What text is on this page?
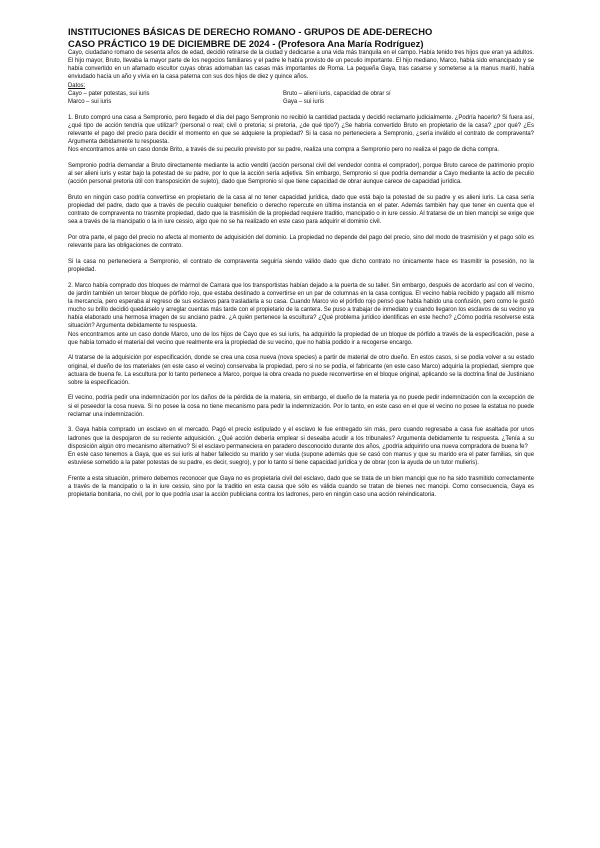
INSTITUCIONES BÁSICAS DE DERECHO ROMANO - GRUPOS DE ADE-DERECHO
CASO PRÁCTICO 19 DE DICIEMBRE DE 2024 - (Profesora Ana María Rodríguez)

Cayo, ciudadano romano de sesenta años de edad, decidió retirarse de la ciudad y dedicarse a una vida más tranquila en el campo. Había tenido tres hijos que eran ya adultos. El hijo mayor, Bruto, llevaba la mayor parte de los negocios familiares y el padre le había provisto de un peculio importante. El hijo mediano, Marco, había sido emancipado y se había convertido en un afamado escultor cuyas obras adornaban las casas más importantes de Roma. La pequeña Gaya, tras casarse y someterse a la manus marití, había enviudado hacía un año y vivía en la casa paterna con sus dos hijos de diez y quince años.

Datos:
Cayo – pater potestas, sui iuris	Bruto – alieni iuris, capacidad de obrar sí
Marco – sui iuris	Gaya – sui iuris

1. Bruto compró una casa a Sempronio, pero llegado el día del pago Sempronio no recibió la cantidad pactada y decidió reclamarlo judicialmente. ¿Podría hacerlo? Si fuera así, ¿qué tipo de acción tendría que utilizar? (personal o real; civil o pretoria; si pretoria, ¿de qué tipo?) ¿Se habría convertido Bruto en propietario de la casa? ¿por qué? ¿Es relevante el pago del precio para decidir el momento en que se adquiere la propiedad? Si la casa no perteneciera a Sempronio, ¿sería inválido el contrato de compraventa? Argumenta debidamente tu respuesta.

Nos encontramos ante un caso donde Brito, a través de su peculio previsto por su padre, realiza una compra a Sempronio pero no realiza el pago de dicha compra.

Sempronio podría demandar a Bruto directamente mediante la actio venditi (acción personal civil del vendedor contra el comprador), porque Bruto carece de patrimonio propio al ser alieni iuris y estar bajo la potestad de su padre, por lo que la acción sería adjetiva. Sin embargo, Sempronio sí que podría demandar a Cayo mediante la actio de peculio (acción personal pretoria útil con transposición de sujeto), dado que Sempronio sí que tiene capacidad de obrar aunque carece de capacidad jurídica.

Bruto en ningún caso podría convertirse en propietario de la casa al no tener capacidad jurídica, dado que está bajo la potestad de su padre y es alieni iuris. La casa sería propiedad del padre, dado que a través de peculio cualquier beneficio o derecho repercute en última instancia en el pater. Además también hay que tener en cuenta que el contrato de compraventa no trasmite propiedad, dado que la trasmisión de la propiedad requiere traditio, mancipatio o in iure cessio. Al tratarse de un bien mancipi se exige que sea a través de la mancipatio o la in iure cessio, algo que no se ha realizado en este caso para adquirir el dominio civil.

Por otra parte, el pago del precio no afecta al momento de adquisición del dominio. La propiedad no depende del pago del precio, sino del modo de trasmisión y el pago sólo es relevante para las obligaciones de contrato.

Si la casa no perteneciera a Sempronio, el contrato de compraventa seguiría siendo válido dado que dicho contrato no únicamente hace es trasmitir la posesión, no la propiedad.

2. Marco había comprado dos bloques de mármol de Carrara que los transportistas habían dejado a la puerta de su taller. Sin embargo, después de acordarlo así con el vecino, de jardín también un tercer bloque de pórfido rojo, que estaba destinado a convertirse en un par de columnas en la casa contigua. El vecino había recibido y pagado allí mismo la mercancía, pero esperaba al regreso de sus esclavos para trasladarla a su casa. Cuando Marco vio el pórfido rojo pensó que había habido una confusión, pero como le gustó mucho su brillo decidió quedárselo y arreglar cuentas más tarde con el propietario de la cantera. Se puso a trabajar de inmediato y cuando llegaron los esclavos de su vecino ya había elaborado una hermosa imagen de su anciano padre. ¿A quién pertenece la escultura? ¿Qué problema jurídico identificas en este hecho? ¿Cómo podría resolverse esta situación? Argumenta debidamente tu respuesta.

Nos encontramos ante un caso donde Marco, uno de los hijos de Cayo que es sui iuris, ha adquirido la propiedad de un bloque de pórfido a través de la especificación, pese a que había tomado el material del vecino que realmente era la propiedad de su vecino, que no había podido ir a recogerse encargo.

Al tratarse de la adquisición por especificación, donde se crea una cosa nueva (nova species) a partir de material de otro dueño. En estos casos, si se podía volver a su estado original, el dueño de los materiales (en este caso el vecino) conservaba la propiedad, pero si no se podía, el fabricante (en este caso Marco) adquiría la propiedad, siempre que actuara de buena fe. La escultura por lo tanto pertenece a Marco, porque la obra creada no puede reconvertirse en el bloque original, aplicando se la doctrina final de Justiniano sobre la especificación.

El vecino, podría pedir una indemnización por los daños de la pérdida de la materia, sin embargo, el dueño de la materia ya no puede pedir indemnización con la excepción de si el poseedor la cosa nueva. Si no posee la cosa no tiene mecanismo para pedir la indemnización. Por lo tanto, en este caso en el que el vecino no posee la estatua no puede reclamar una indemnización.

3. Gaya había comprado un esclavo en el mercado. Pagó el precio estipulado y el esclavo le fue entregado sin más, pero cuando regresaba a casa fue asaltada por unos ladrones que la despojaron de su reciente adquisición. ¿Qué acción debería emplear si deseaba acudir a los tribunales? Argumenta debidamente tu respuesta. ¿Tenía a su disposición algún otro mecanismo alternativo? Si el esclavo permaneciera en paradero desconocido durante dos años, ¿podría adquirirlo una nueva compradora de buena fe?

En este caso tenemos a Gaya, que es sui iuris al haber fallecido su marido y ser viuda (supone además que se casó con manus y que su marido era el pater familias, sin que estuviese sometido a la pater potestas de su padre, es decir, suegro), y por lo tanto sí tiene capacidad jurídica y de obrar (con la ayuda de un tutor mulieris).

Frente a esta situación, primero debemos reconocer que Gaya no es propietaria civil del esclavo, dado que se trata de un bien mancipi que no ha sido trasmitido correctamente a través de la mancipatio o la in iure cessio, sino por la traditio en esta causa que sólo es válida cuando se tratan de bienes nec mancipi. Como consecuencia, Gaya es propietaria bonitaria, no civil, por lo que podría usar la acción publiciana contra los ladrones, pero en ningún caso una acción reivindicatoria.
